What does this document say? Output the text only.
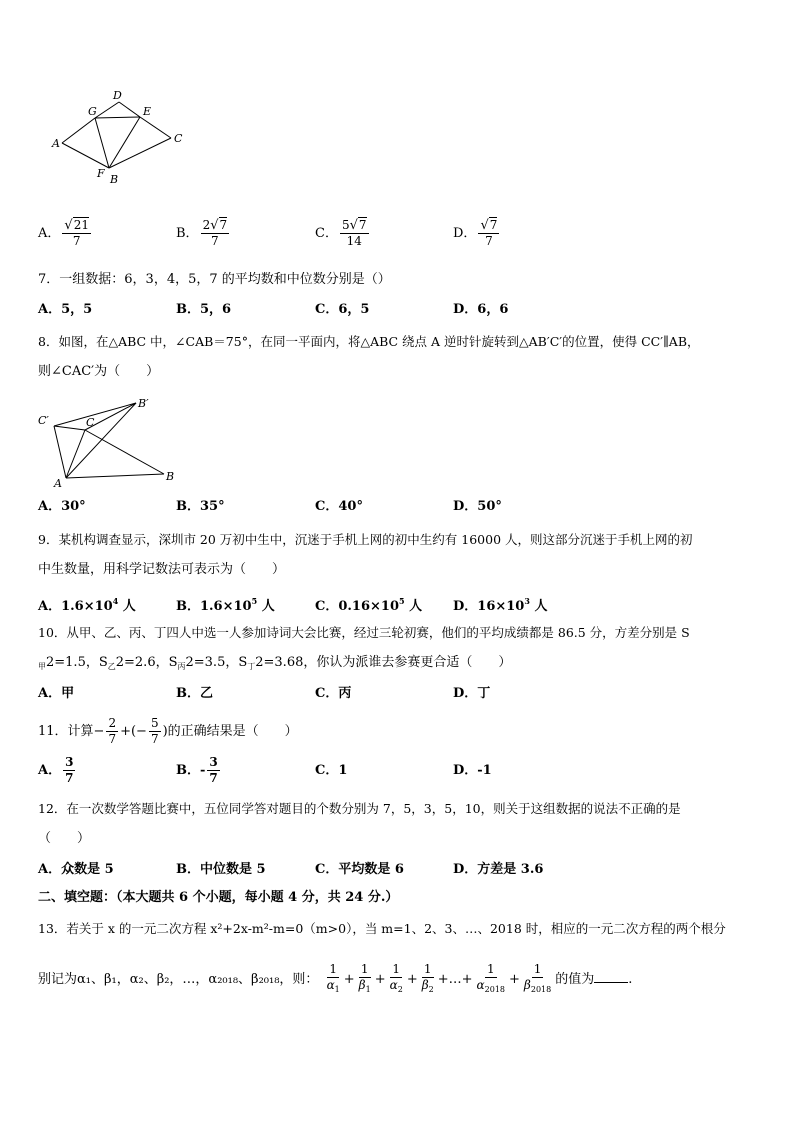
D
G	E
A	C
F B
A． $\frac{√21}{7}$	B． $\frac{2√7}{7}$	C． $\frac{5√7}{14}$	D． $\frac{√7}{7}$
7．一组数据：6，3，4，5，7 的平均数和中位数分别是（）
A．5，5	B．5，6	C．6，5	D．6，6
8．如图，在△ABC 中，∠CAB＝75°，在同一平面内，将△ABC 绕点 A 逆时针旋转到△AB′C′的位置，使得 CC′∥AB，
则∠CAC′为（　　）
C′	C
B′
A
B
A．30°	B．35°	C．40°	D．50°
9．某机构调查显示，深圳市 20 万初中生中，沉迷于手机上网的初中生约有 16000 人，则这部分沉迷于手机上网的初
中生数量，用科学记数法可表示为（　　）
A．$1.6\times 10^4$ 人	B．$1.6\times 10^5$ 人	C．$0.16\times 10^5$ 人 D．$16\times 10^3$ 人
10．从甲、乙、丙、丁四人中选一人参加诗词大会比赛，经过三轮初赛，他们的平均成绩都是 86.5 分，方差分别是 S
$_甲$2=1.5，$S_乙2=2.6$，$S_丙2=3.5$，$S_丁2=3.68$，你认为派谁去参赛更合适（　　）
A．甲	B．乙	C．丙	D．丁
11．计算− $\frac{2}{7}$ +(− $\frac{5}{7}$ )的正确结果是（　　）
A． $\frac{3}{7}$	B．- $\frac{3}{7}$	C．1	D．-1
12．在一次数学答题比赛中，五位同学答对题目的个数分别为 7，5，3，5，10，则关于这组数据的说法不正确的是
（　　）
A．众数是 5	B．中位数是 5	C．平均数是 6	D．方差是 3.6
二、填空题：（本大题共 6 个小题，每小题 4 分，共 24 分.）
13．若关于 x 的一元二次方程 x²+2x-m²-m=0（m>0），当 m=1、2、3、…、2018 时，相应的一元二次方程的两个根分
别记为α₁、β₁，α₂、β₂，…，α₂₀₁₈、β₂₀₁₈，则： $\frac{1}{\alpha_1} + \frac{1}{\beta_1} + \frac{1}{\alpha_2} + \frac{1}{\beta_2}$ +…+ $\frac{1}{\alpha_{2018}} + \frac{1}{\beta_{2018}}$ 的值为	.
